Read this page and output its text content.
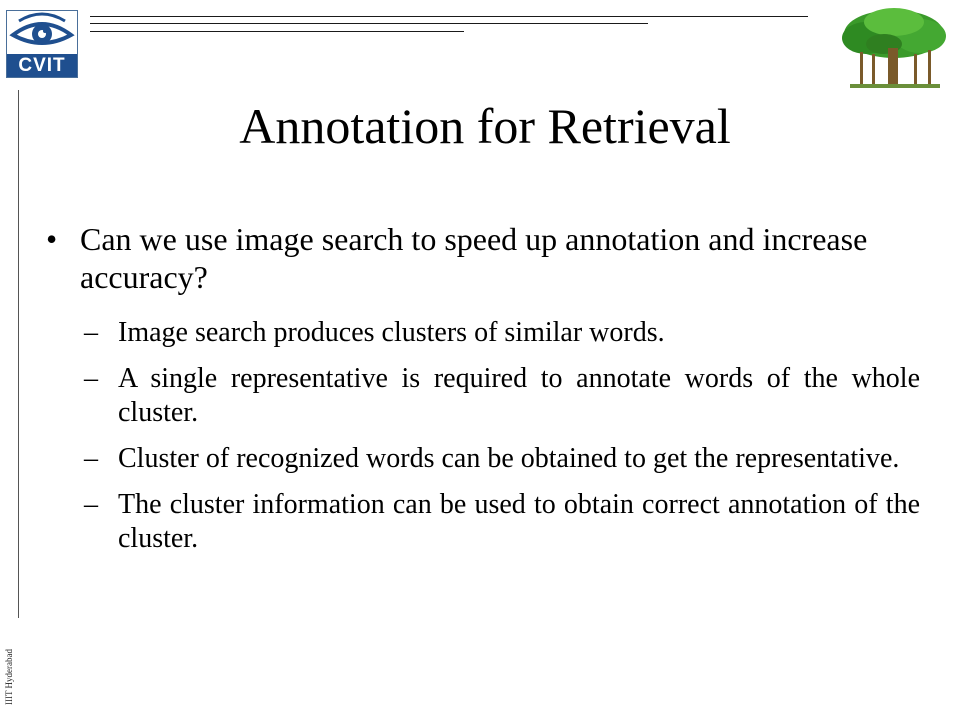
CVIT
IIIT Hyderabad
Annotation for Retrieval
• Can we use image search to speed up annotation and increase accuracy?
– Image search produces clusters of similar words.
– A single representative is required to annotate words of the whole cluster.
– Cluster of recognized words can be obtained to get the representative.
– The cluster information can be used to obtain correct annotation of the cluster.
